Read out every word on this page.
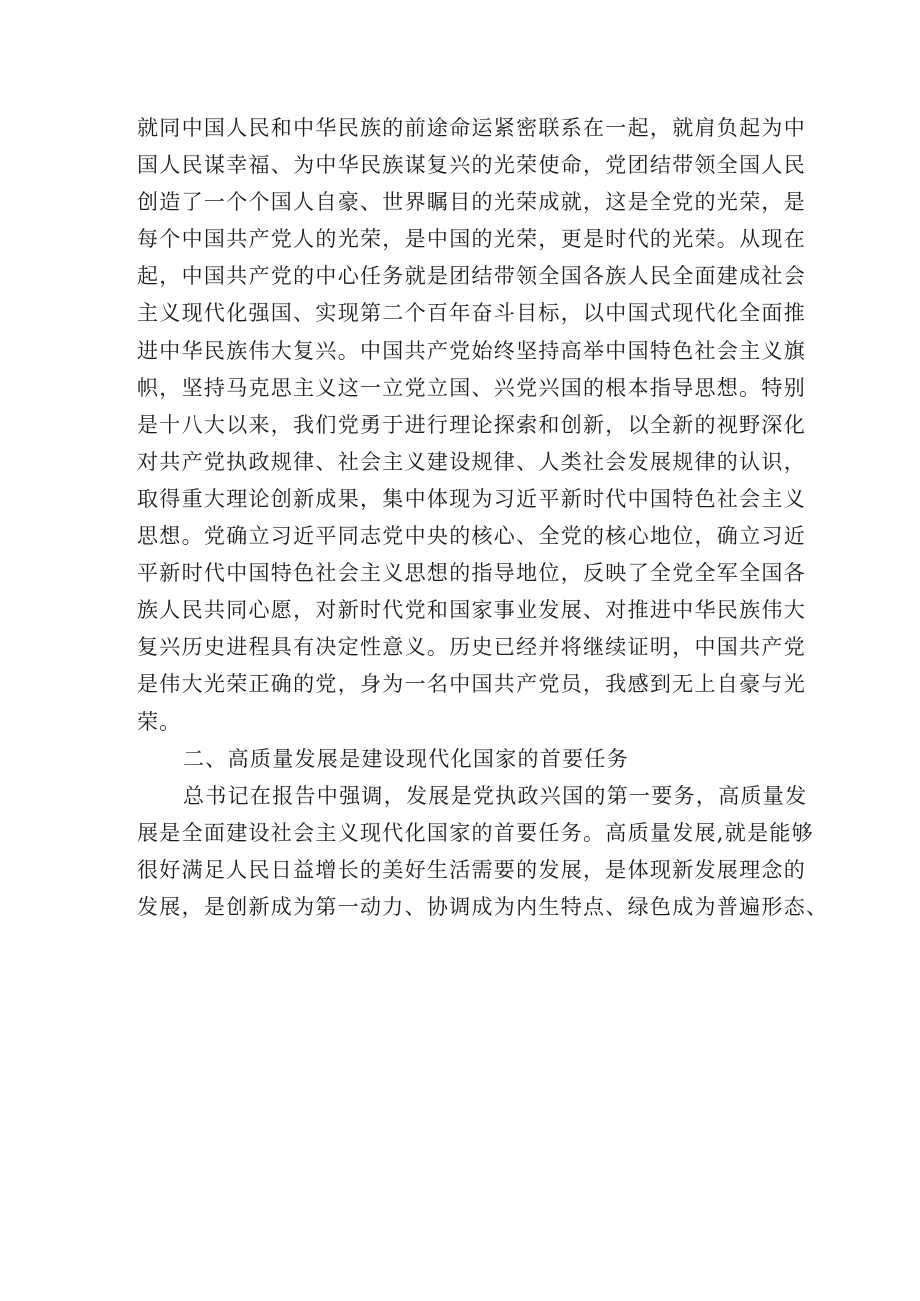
就同中国人民和中华民族的前途命运紧密联系在一起，就肩负起为中
国人民谋幸福、为中华民族谋复兴的光荣使命，党团结带领全国人民
创造了一个个国人自豪、世界瞩目的光荣成就，这是全党的光荣，是
每个中国共产党人的光荣，是中国的光荣，更是时代的光荣。从现在
起，中国共产党的中心任务就是团结带领全国各族人民全面建成社会
主义现代化强国、实现第二个百年奋斗目标，以中国式现代化全面推
进中华民族伟大复兴。中国共产党始终坚持高举中国特色社会主义旗
帜，坚持马克思主义这一立党立国、兴党兴国的根本指导思想。特别
是十八大以来，我们党勇于进行理论探索和创新，以全新的视野深化
对共产党执政规律、社会主义建设规律、人类社会发展规律的认识，
取得重大理论创新成果，集中体现为习近平新时代中国特色社会主义
思想。党确立习近平同志党中央的核心、全党的核心地位，确立习近
平新时代中国特色社会主义思想的指导地位，反映了全党全军全国各
族人民共同心愿，对新时代党和国家事业发展、对推进中华民族伟大
复兴历史进程具有决定性意义。历史已经并将继续证明，中国共产党
是伟大光荣正确的党，身为一名中国共产党员，我感到无上自豪与光
荣。
二、高质量发展是建设现代化国家的首要任务
总书记在报告中强调，发展是党执政兴国的第一要务，高质量发
展是全面建设社会主义现代化国家的首要任务。高质量发展,就是能够
很好满足人民日益增长的美好生活需要的发展，是体现新发展理念的
发展，是创新成为第一动力、协调成为内生特点、绿色成为普遍形态、
